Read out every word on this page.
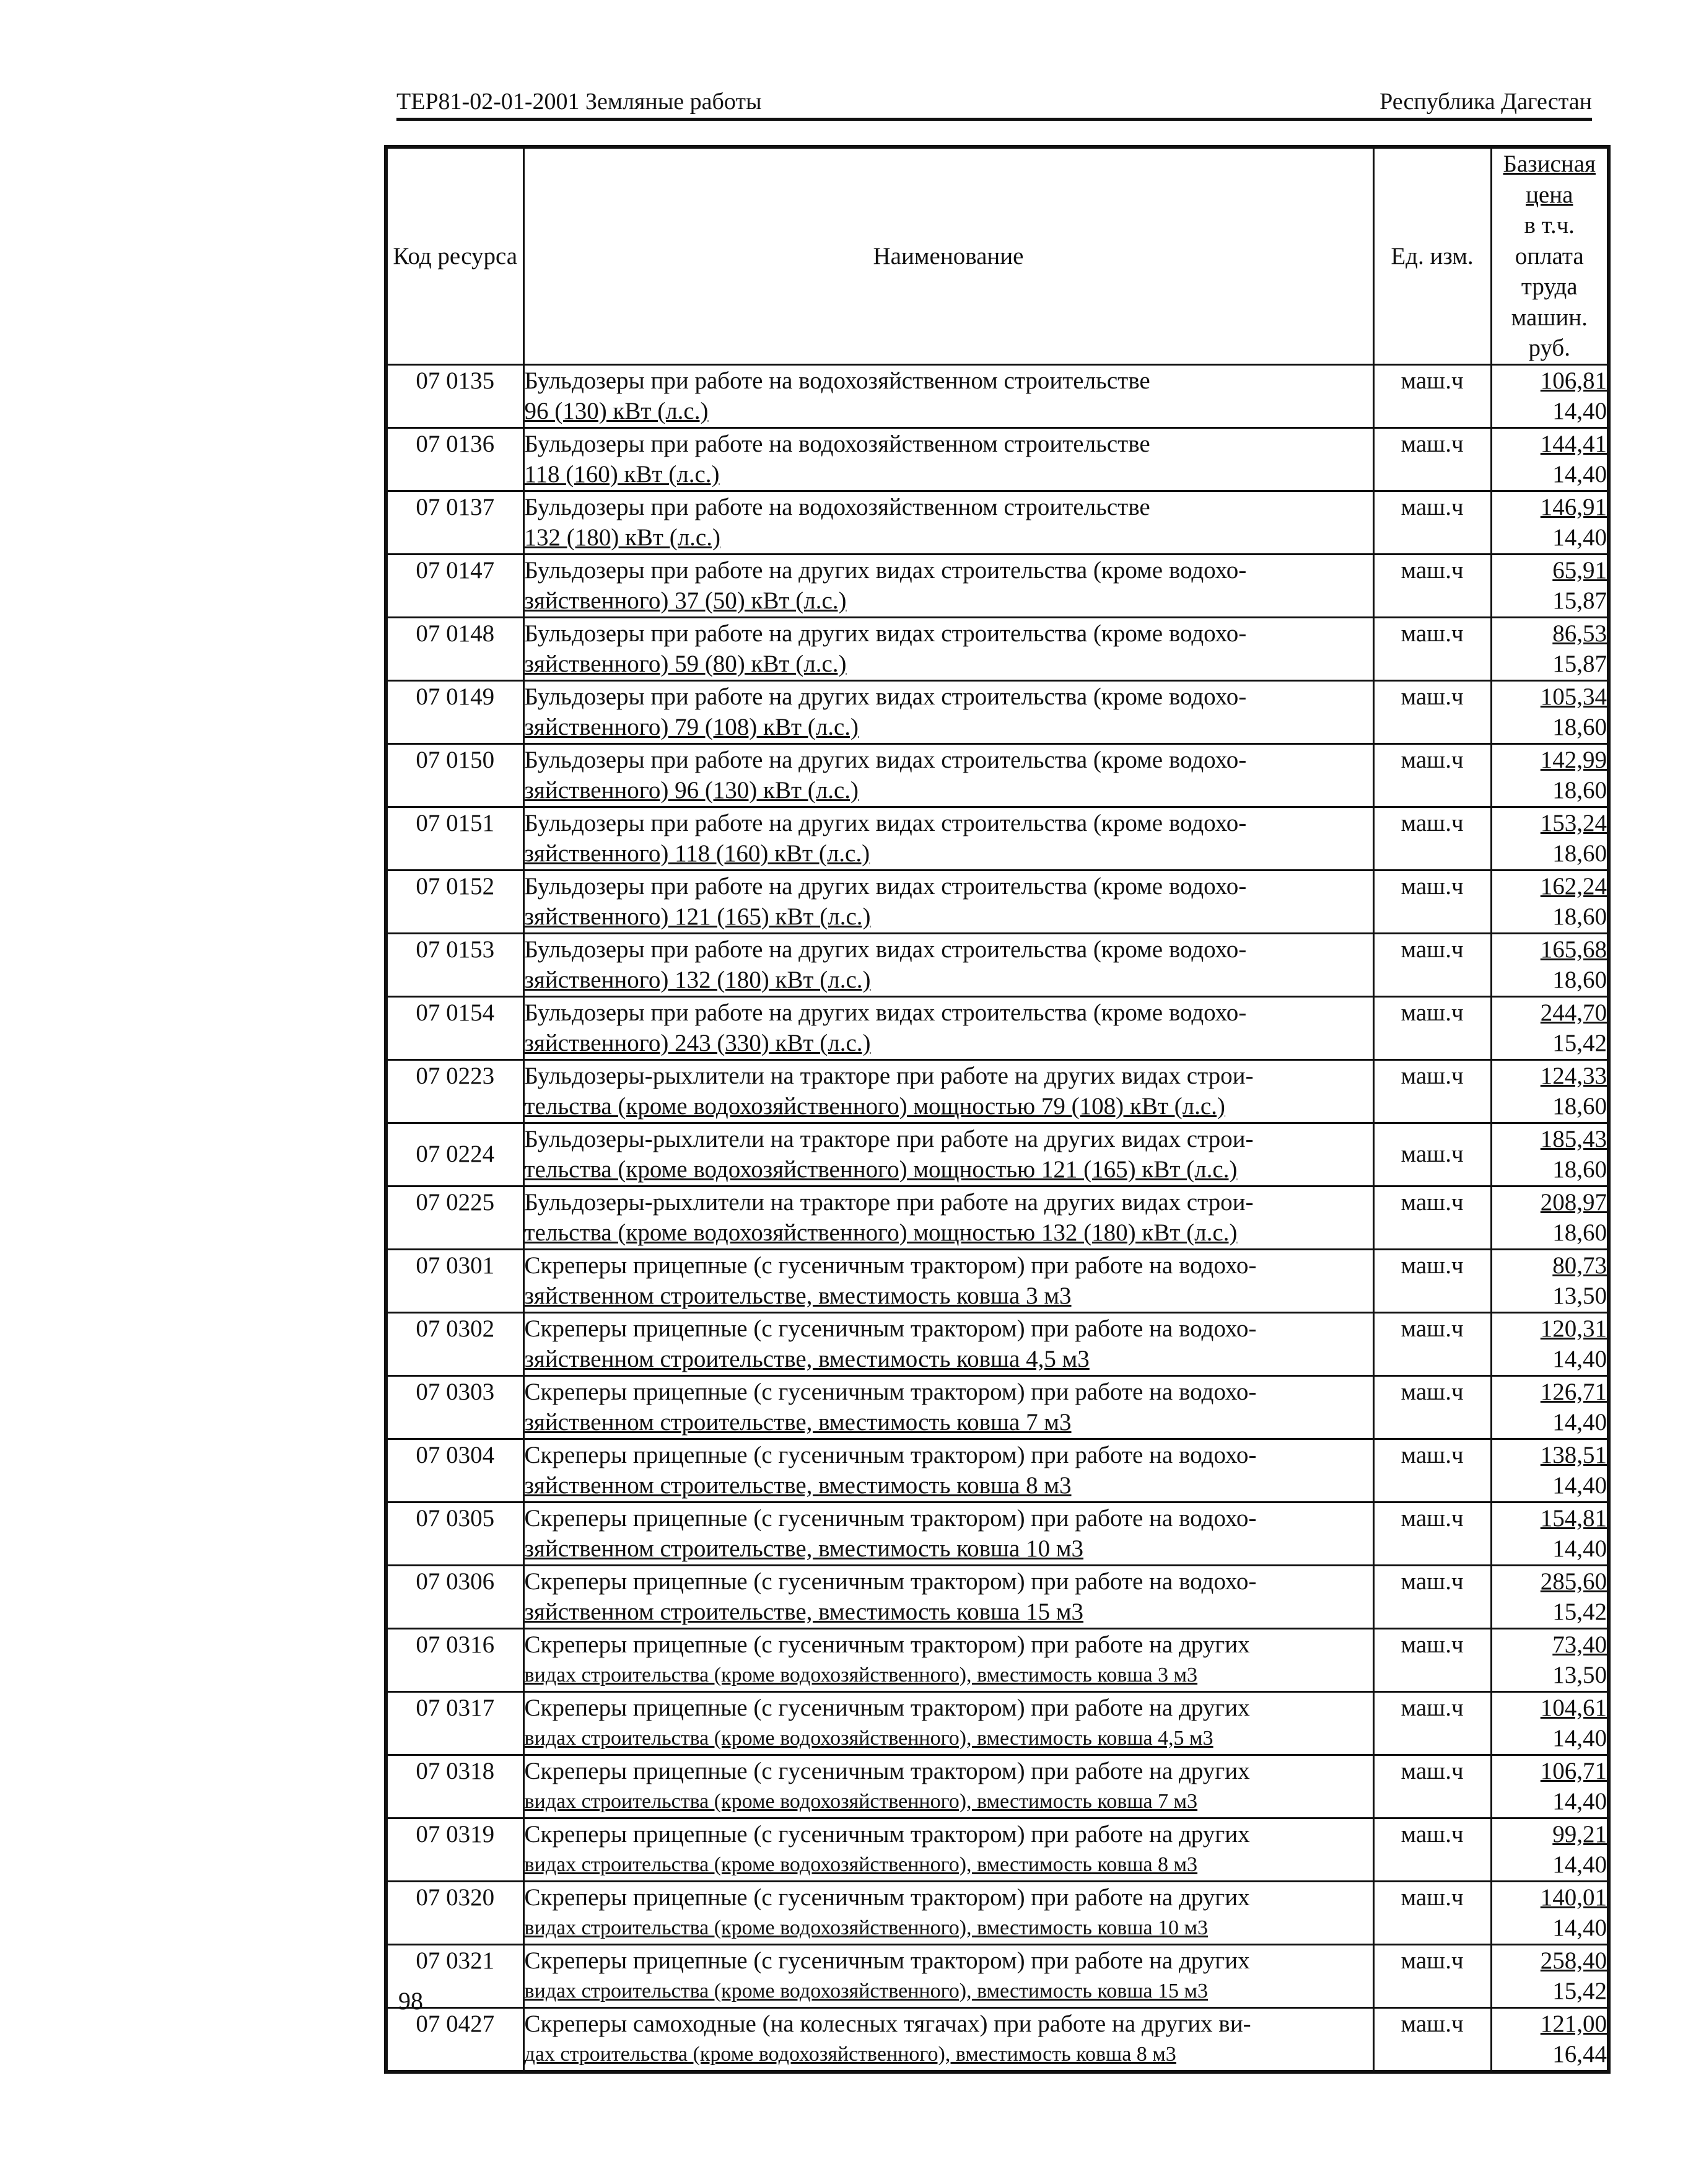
ТЕР81-02-01-2001 Земляные работы	Республика Дагестан
Код ресурса	Наименование	Ед. изм.	Базисная цена
в т.ч. оплата
труда машин.
руб.

07 0135	Бульдозеры при работе на водохозяйственном строительстве
96 (130) кВт (л.с.)	маш.ч	106,81
14,40

07 0136	Бульдозеры при работе на водохозяйственном строительстве
118 (160) кВт (л.с.)	маш.ч	144,41
14,40

07 0137	Бульдозеры при работе на водохозяйственном строительстве
132 (180) кВт (л.с.)	маш.ч	146,91
14,40

07 0147	Бульдозеры при работе на других видах строительства (кроме водохо-
зяйственного) 37 (50) кВт (л.с.)	маш.ч	65,91
15,87

07 0148	Бульдозеры при работе на других видах строительства (кроме водохо-
зяйственного) 59 (80) кВт (л.с.)	маш.ч	86,53
15,87

07 0149	Бульдозеры при работе на других видах строительства (кроме водохо-
зяйственного) 79 (108) кВт (л.с.)	маш.ч	105,34
18,60

07 0150	Бульдозеры при работе на других видах строительства (кроме водохо-
зяйственного) 96 (130) кВт (л.с.)	маш.ч	142,99
18,60

07 0151	Бульдозеры при работе на других видах строительства (кроме водохо-
зяйственного) 118 (160) кВт (л.с.)	маш.ч	153,24
18,60

07 0152	Бульдозеры при работе на других видах строительства (кроме водохо-
зяйственного) 121 (165) кВт (л.с.)	маш.ч	162,24
18,60

07 0153	Бульдозеры при работе на других видах строительства (кроме водохо-
зяйственного) 132 (180) кВт (л.с.)	маш.ч	165,68
18,60

07 0154	Бульдозеры при работе на других видах строительства (кроме водохо-
зяйственного) 243 (330) кВт (л.с.)	маш.ч	244,70
15,42

07 0223	Бульдозеры-рыхлители на тракторе при работе на других видах строи-
тельства (кроме водохозяйственного) мощностью 79 (108) кВт (л.с.)	маш.ч	124,33
18,60

07 0224	Бульдозеры-рыхлители на тракторе при работе на других видах строи-
тельства (кроме водохозяйственного) мощностью 121 (165) кВт (л.с.)	маш.ч	185,43
18,60

07 0225	Бульдозеры-рыхлители на тракторе при работе на других видах строи-
тельства (кроме водохозяйственного) мощностью 132 (180) кВт (л.с.)	маш.ч	208,97
18,60

07 0301	Скреперы прицепные (с гусеничным трактором) при работе на водохо-
зяйственном строительстве, вместимость ковша 3 м3	маш.ч	80,73
13,50

07 0302	Скреперы прицепные (с гусеничным трактором) при работе на водохо-
зяйственном строительстве, вместимость ковша 4,5 м3	маш.ч	120,31
14,40

07 0303	Скреперы прицепные (с гусеничным трактором) при работе на водохо-
зяйственном строительстве, вместимость ковша 7 м3	маш.ч	126,71
14,40

07 0304	Скреперы прицепные (с гусеничным трактором) при работе на водохо-
зяйственном строительстве, вместимость ковша 8 м3	маш.ч	138,51
14,40

07 0305	Скреперы прицепные (с гусеничным трактором) при работе на водохо-
зяйственном строительстве, вместимость ковша 10 м3	маш.ч	154,81
14,40

07 0306	Скреперы прицепные (с гусеничным трактором) при работе на водохо-
зяйственном строительстве, вместимость ковша 15 м3	маш.ч	285,60
15,42

07 0316	Скреперы прицепные (с гусеничным трактором) при работе на других
видах строительства (кроме водохозяйственного), вместимость ковша 3 м3	маш.ч	73,40
13,50

07 0317	Скреперы прицепные (с гусеничным трактором) при работе на других
видах строительства (кроме водохозяйственного), вместимость ковша 4,5 м3	маш.ч	104,61
14,40

07 0318	Скреперы прицепные (с гусеничным трактором) при работе на других
видах строительства (кроме водохозяйственного), вместимость ковша 7 м3	маш.ч	106,71
14,40

07 0319	Скреперы прицепные (с гусеничным трактором) при работе на других
видах строительства (кроме водохозяйственного), вместимость ковша 8 м3	маш.ч	99,21
14,40

07 0320	Скреперы прицепные (с гусеничным трактором) при работе на других
видах строительства (кроме водохозяйственного), вместимость ковша 10 м3	маш.ч	140,01
14,40

07 0321	Скреперы прицепные (с гусеничным трактором) при работе на других
видах строительства (кроме водохозяйственного), вместимость ковша 15 м3	маш.ч	258,40
15,42

07 0427	Скреперы самоходные (на колесных тягачах) при работе на других ви-
дах строительства (кроме водохозяйственного), вместимость ковша 8 м3	маш.ч	121,00
16,44
98
